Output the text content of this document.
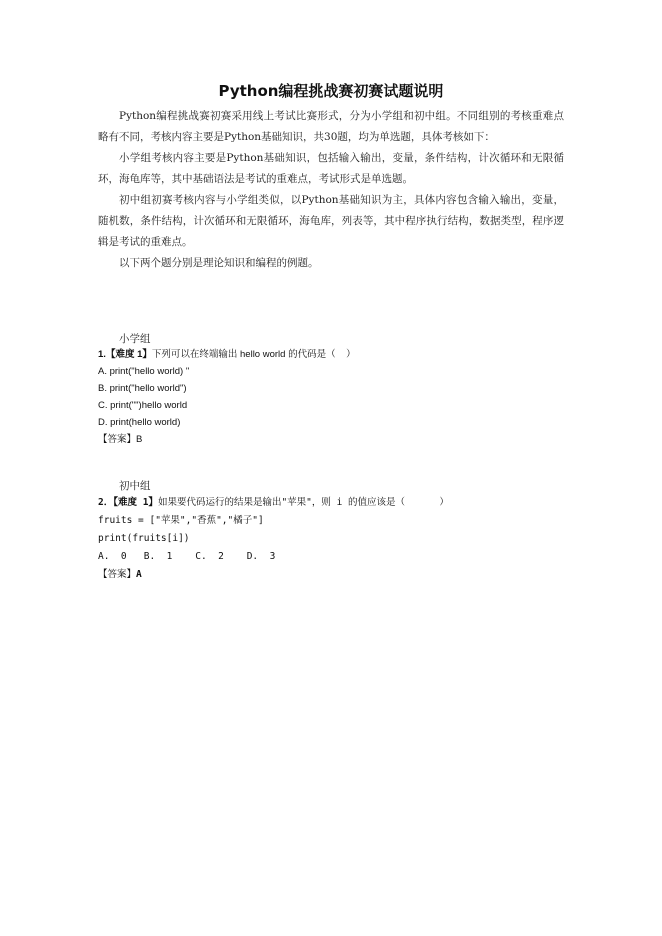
Python编程挑战赛初赛试题说明

Python编程挑战赛初赛采用线上考试比赛形式，分为小学组和初中组。不同组别的考核重难点略有不同，考核内容主要是Python基础知识，共30题，均为单选题，具体考核如下：

小学组考核内容主要是Python基础知识，包括输入输出，变量，条件结构，计次循环和无限循环，海龟库等，其中基础语法是考试的重难点，考试形式是单选题。

初中组初赛考核内容与小学组类似，以Python基础知识为主，具体内容包含输入输出，变量，随机数，条件结构，计次循环和无限循环，海龟库，列表等，其中程序执行结构，数据类型，程序逻辑是考试的重难点。

以下两个题分别是理论知识和编程的例题。

小学组
1.【难度 1】下列可以在终端输出 hello world 的代码是（    ）
A. print("hello world) "
B. print("hello world")
C. print("")hello world
D. print(hello world)
【答案】B
初中组
2．【难度 1】如果要代码运行的结果是输出"苹果"，则 i 的值应该是（      ）
fruits = ["苹果","香蕉","橘子"]
print(fruits[i])
A.  0   B.  1    C.  2    D.  3
【答案】A
